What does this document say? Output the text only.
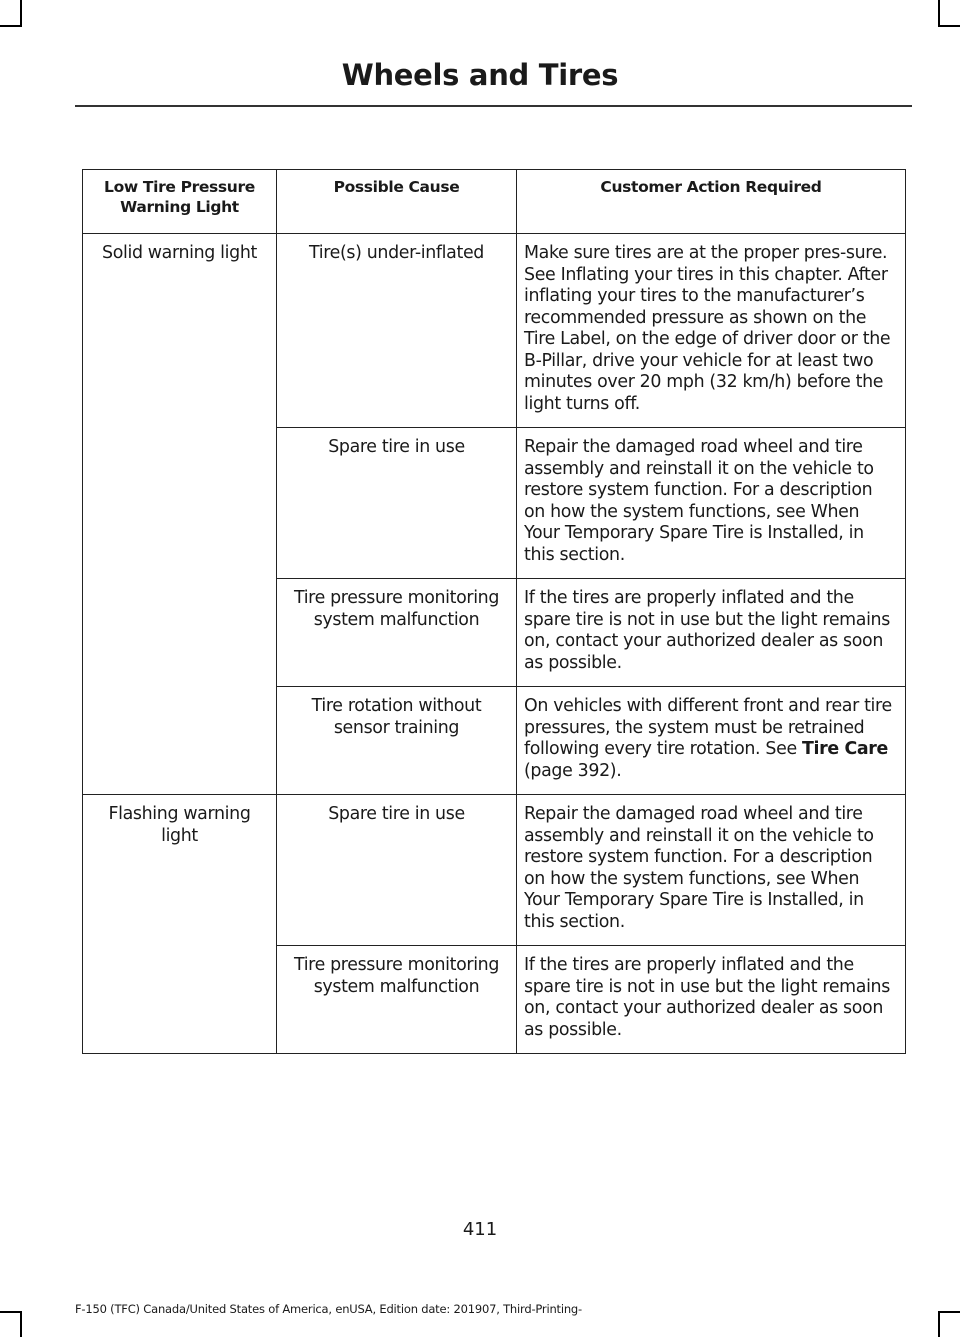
Wheels and Tires
Low Tire Pressure Warning Light	Possible Cause	Customer Action Required
Solid warning light	Tire(s) under-inflated	Make sure tires are at the proper pres-sure. See Inflating your tires in this chapter. After inflating your tires to the manufacturer’s recommended pressure as shown on the Tire Label, on the edge of driver door or the B-Pillar, drive your vehicle for at least two minutes over 20 mph (32 km/h) before the light turns off.
	Spare tire in use	Repair the damaged road wheel and tire assembly and reinstall it on the vehicle to restore system function. For a description on how the system functions, see When Your Temporary Spare Tire is Installed, in this section.
	Tire pressure monitoring system malfunction	If the tires are properly inflated and the spare tire is not in use but the light remains on, contact your authorized dealer as soon as possible.
	Tire rotation without sensor training	On vehicles with different front and rear tire pressures, the system must be retrained following every tire rotation. See Tire Care (page 392).
Flashing warning light	Spare tire in use	Repair the damaged road wheel and tire assembly and reinstall it on the vehicle to restore system function. For a description on how the system functions, see When Your Temporary Spare Tire is Installed, in this section.
	Tire pressure monitoring system malfunction	If the tires are properly inflated and the spare tire is not in use but the light remains on, contact your authorized dealer as soon as possible.
411
F-150 (TFC) Canada/United States of America, enUSA, Edition date: 201907, Third-Printing-
